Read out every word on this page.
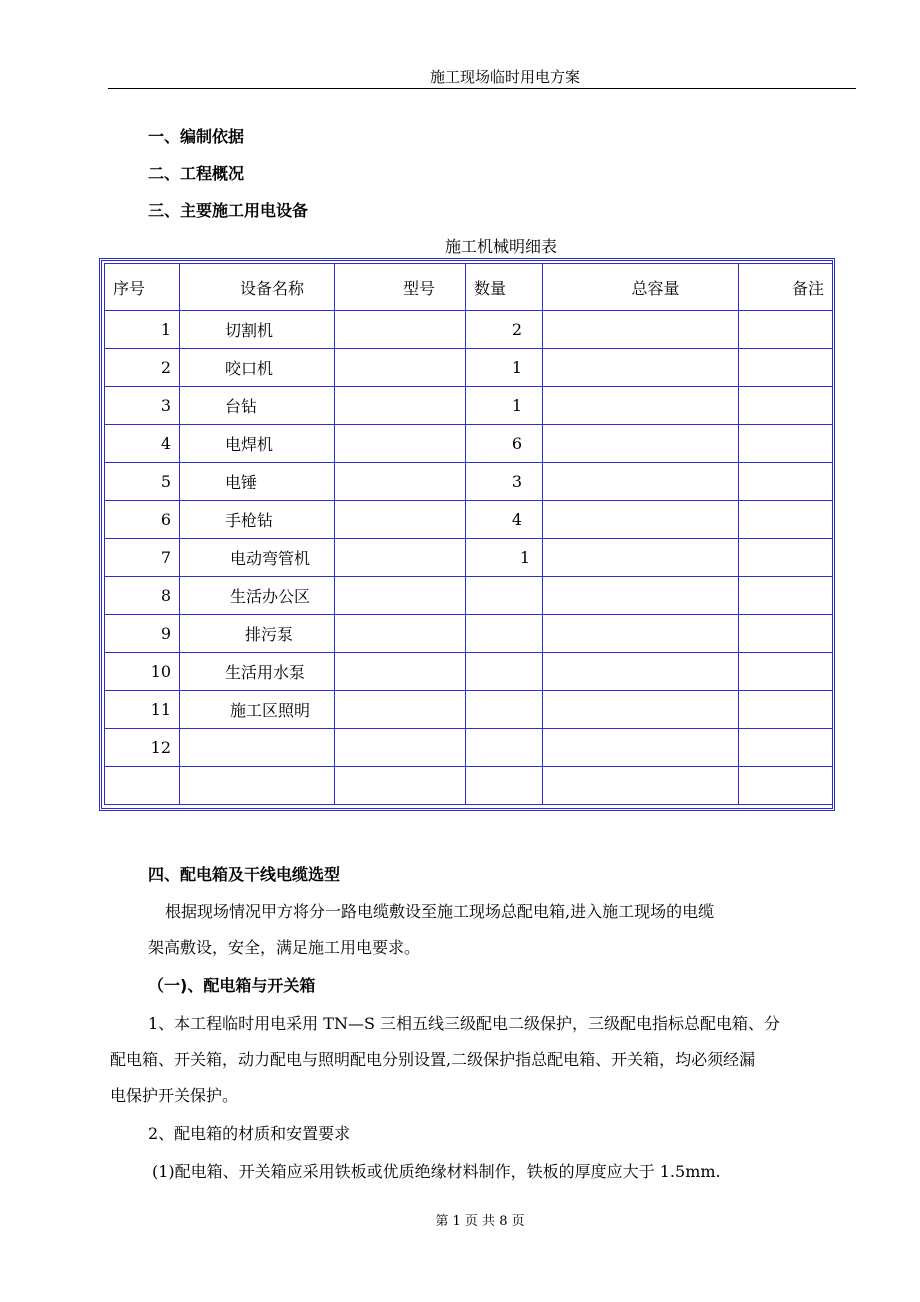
施工现场临时用电方案
一、编制依据
二、工程概况
三、主要施工用电设备
施工机械明细表
序号	设备名称	型号	数量	总容量	备注
1	切割机		2		
2	咬口机		1		
3	台钻		1		
4	电焊机		6		
5	电锤		3		
6	手枪钻		4		
7	电动弯管机		1		
8	生活办公区				
9	排污泵				
10	生活用水泵				
11	施工区照明				
12					

四、配电箱及干线电缆选型
根据现场情况甲方将分一路电缆敷设至施工现场总配电箱,进入施工现场的电缆
架高敷设，安全，满足施工用电要求。
（一)、配电箱与开关箱
1、本工程临时用电采用 TN—S 三相五线三级配电二级保护，三级配电指标总配电箱、分
配电箱、开关箱，动力配电与照明配电分别设置,二级保护指总配电箱、开关箱，均必须经漏
电保护开关保护。
2、配电箱的材质和安置要求
(1)配电箱、开关箱应采用铁板或优质绝缘材料制作，铁板的厚度应大于 1.5mm.
第 1 页 共 8 页
